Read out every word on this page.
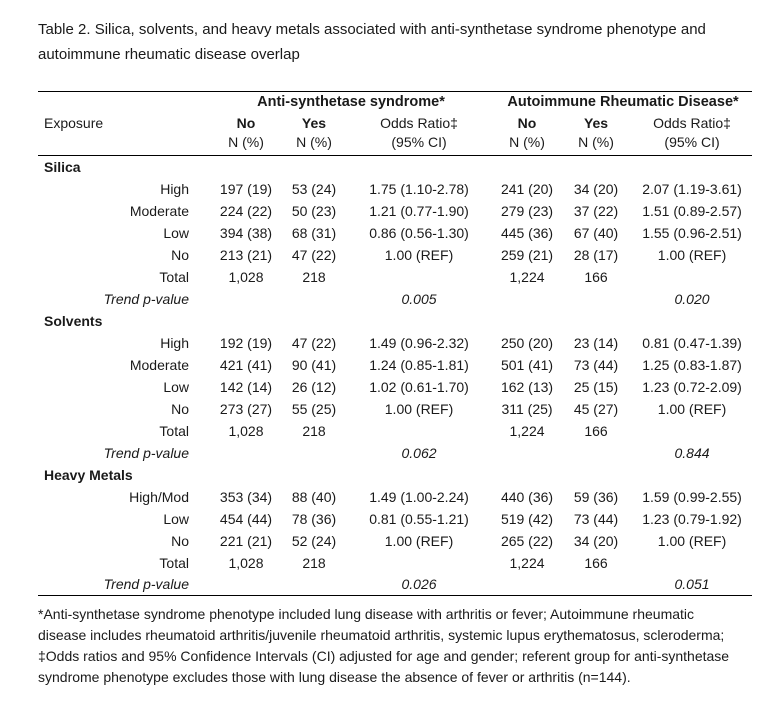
Table 2. Silica, solvents, and heavy metals associated with anti-synthetase syndrome phenotype and autoimmune rheumatic disease overlap

	Anti-synthetase syndrome*			Autoimmune Rheumatic Disease*		
Exposure	No	Yes	Odds Ratio‡	No	Yes	Odds Ratio‡
	N (%)	N (%)	(95% CI)	N (%)	N (%)	(95% CI)
Silica						
High	197 (19)	53 (24)	1.75 (1.10-2.78)	241 (20)	34 (20)	2.07 (1.19-3.61)
Moderate	224 (22)	50 (23)	1.21 (0.77-1.90)	279 (23)	37 (22)	1.51 (0.89-2.57)
Low	394 (38)	68 (31)	0.86 (0.56-1.30)	445 (36)	67 (40)	1.55 (0.96-2.51)
No	213 (21)	47 (22)	1.00 (REF)	259 (21)	28 (17)	1.00 (REF)
Total	1,028	218		1,224	166	
Trend p-value			0.005			0.020
Solvents						
High	192 (19)	47 (22)	1.49 (0.96-2.32)	250 (20)	23 (14)	0.81 (0.47-1.39)
Moderate	421 (41)	90 (41)	1.24 (0.85-1.81)	501 (41)	73 (44)	1.25 (0.83-1.87)
Low	142 (14)	26 (12)	1.02 (0.61-1.70)	162 (13)	25 (15)	1.23 (0.72-2.09)
No	273 (27)	55 (25)	1.00 (REF)	311 (25)	45 (27)	1.00 (REF)
Total	1,028	218		1,224	166	
Trend p-value			0.062			0.844
Heavy Metals						
High/Mod	353 (34)	88 (40)	1.49 (1.00-2.24)	440 (36)	59 (36)	1.59 (0.99-2.55)
Low	454 (44)	78 (36)	0.81 (0.55-1.21)	519 (42)	73 (44)	1.23 (0.79-1.92)
No	221 (21)	52 (24)	1.00 (REF)	265 (22)	34 (20)	1.00 (REF)
Total	1,028	218		1,224	166	
Trend p-value			0.026			0.051

*Anti-synthetase syndrome phenotype included lung disease with arthritis or fever; Autoimmune rheumatic disease includes rheumatoid arthritis/juvenile rheumatoid arthritis, systemic lupus erythematosus, scleroderma; ‡Odds ratios and 95% Confidence Intervals (CI) adjusted for age and gender; referent group for anti-synthetase syndrome phenotype excludes those with lung disease the absence of fever or arthritis (n=144).
